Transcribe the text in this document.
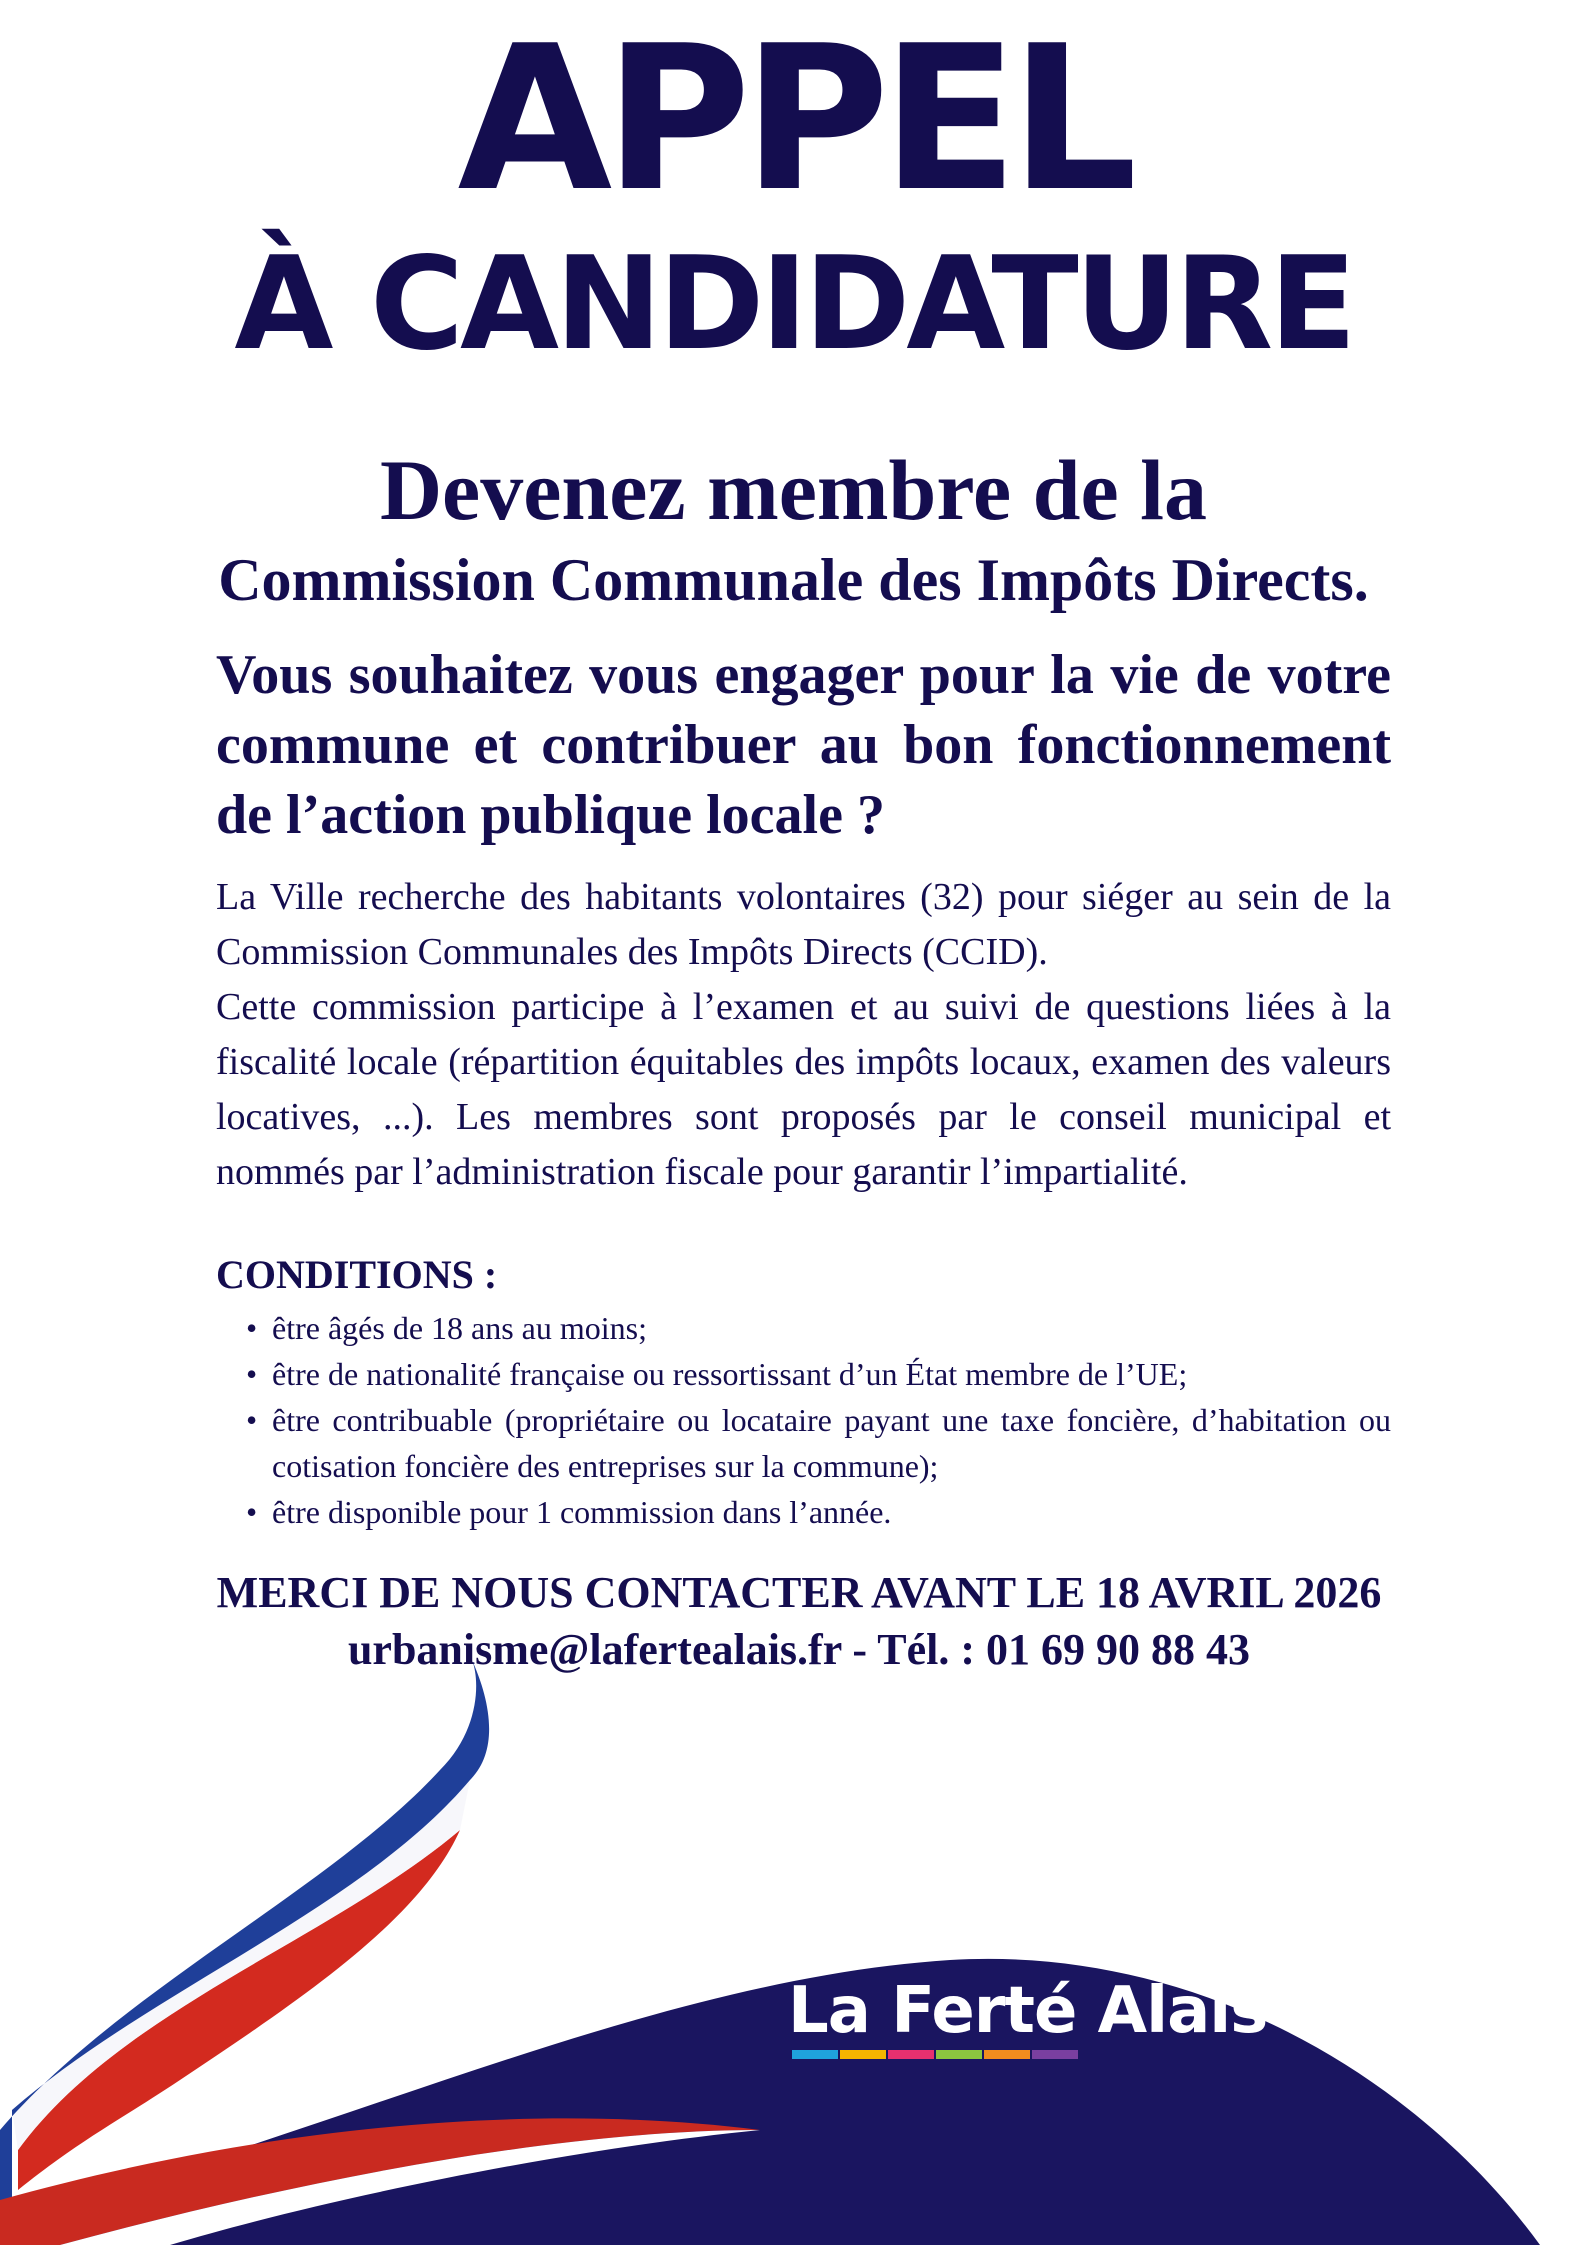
APPEL
À CANDIDATURE
Devenez membre de la
Commission Communale des Impôts Directs.
Vous souhaitez vous engager pour la vie de votre commune et contribuer au bon fonctionnement de l’action publique locale ?

La Ville recherche des habitants volontaires (32) pour siéger au sein de la Commission Communales des Impôts Directs (CCID).

Cette commission participe à l’examen et au suivi de questions liées à la fiscalité locale (répartition équitables des impôts locaux, examen des valeurs locatives, ...). Les membres sont proposés par le conseil municipal et nommés par l’administration fiscale pour garantir l’impartialité.

CONDITIONS :
• être âgés de 18 ans au moins;
• être de nationalité française ou ressortissant d’un État membre de l’UE;
• être contribuable (propriétaire ou locataire payant une taxe foncière, d’habitation ou cotisation foncière des entreprises sur la commune);
• être disponible pour 1 commission dans l’année.
MERCI DE NOUS CONTACTER AVANT LE 18 AVRIL 2026
urbanisme@laferteal​ais.fr - Tél. : 01 69 90 88 43
La Ferté Alais
